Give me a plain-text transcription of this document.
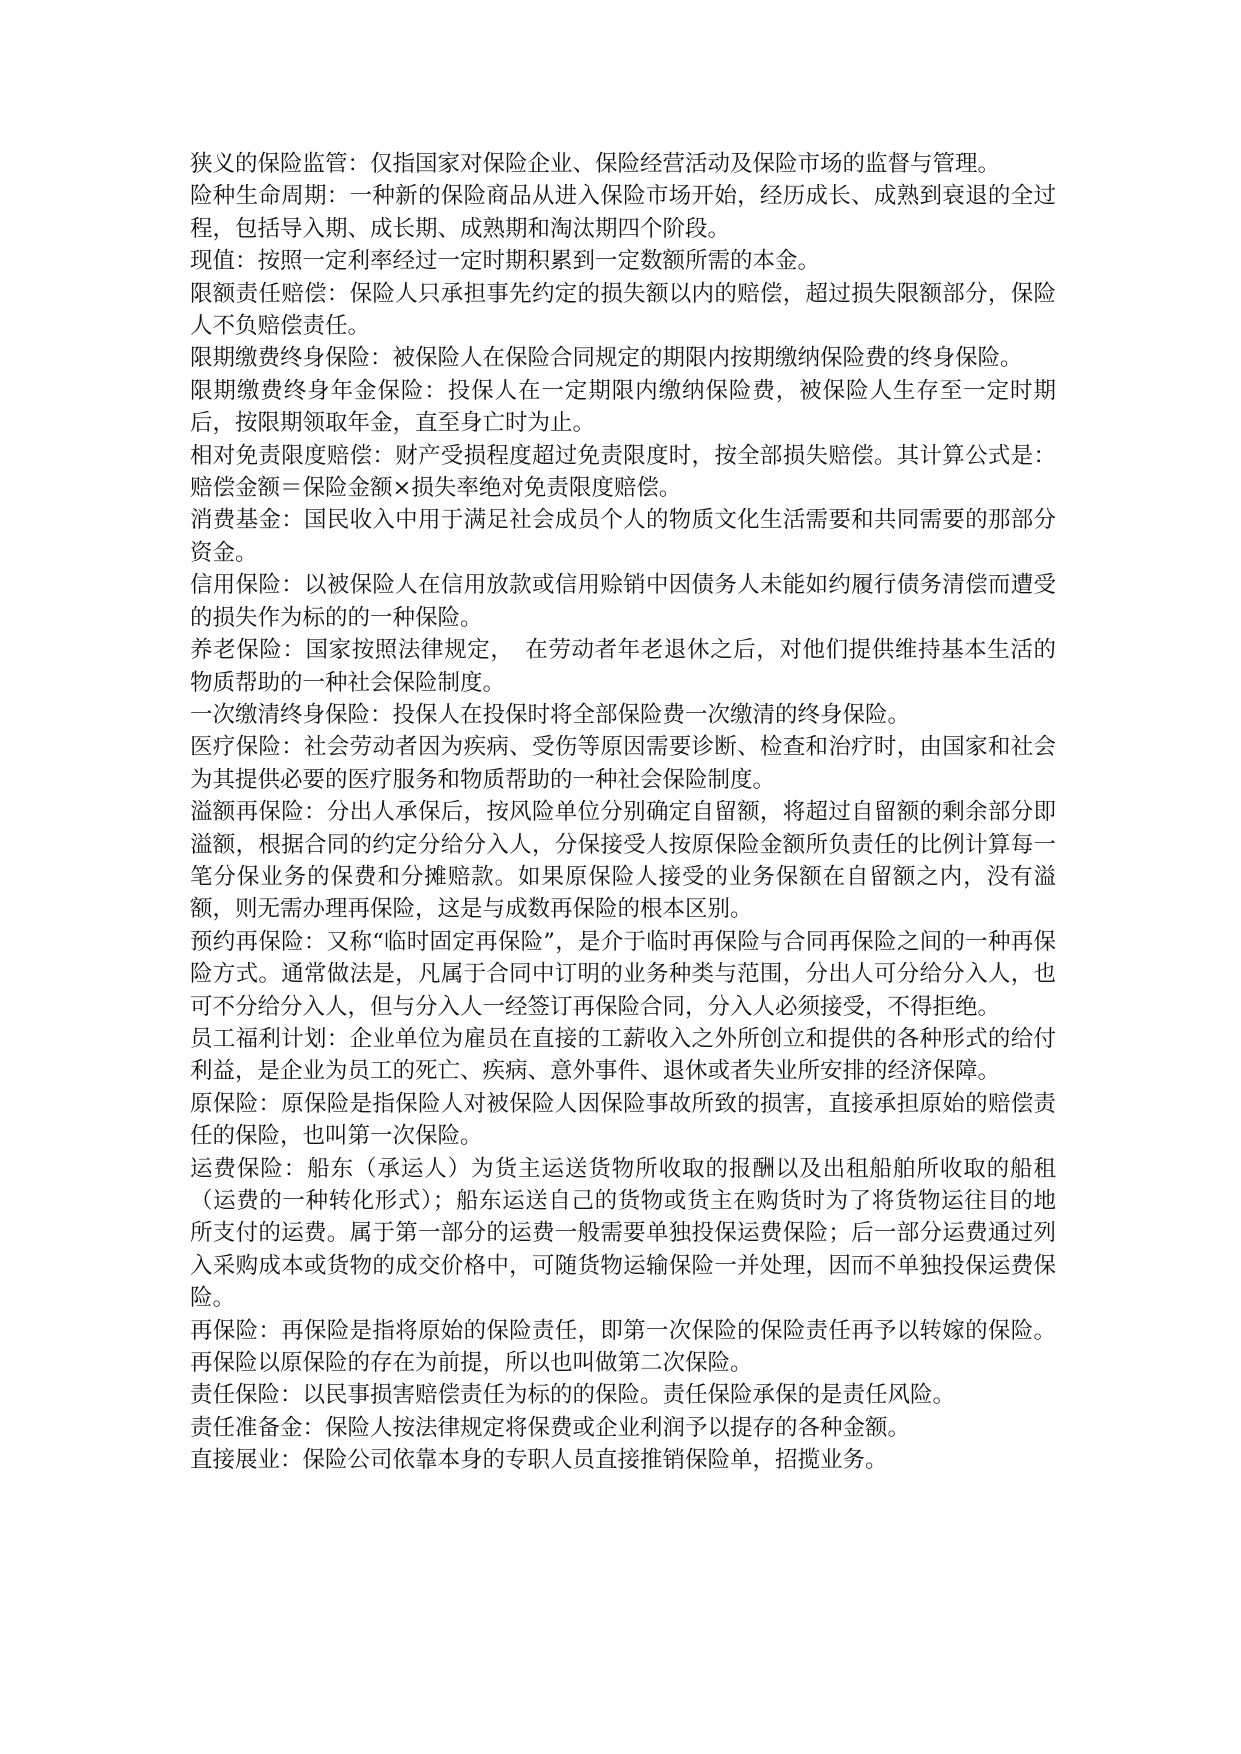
狭义的保险监管：仅指国家对保险企业、保险经营活动及保险市场的监督与管理。

险种生命周期：一种新的保险商品从进入保险市场开始，经历成长、成熟到衰退的全过程，包括导入期、成长期、成熟期和淘汰期四个阶段。

现值：按照一定利率经过一定时期积累到一定数额所需的本金。

限额责任赔偿：保险人只承担事先约定的损失额以内的赔偿，超过损失限额部分，保险人不负赔偿责任。

限期缴费终身保险：被保险人在保险合同规定的期限内按期缴纳保险费的终身保险。

限期缴费终身年金保险：投保人在一定期限内缴纳保险费，被保险人生存至一定时期后，按限期领取年金，直至身亡时为止。

相对免责限度赔偿：财产受损程度超过免责限度时，按全部损失赔偿。其计算公式是：赔偿金额＝保险金额×损失率绝对免责限度赔偿。

消费基金：国民收入中用于满足社会成员个人的物质文化生活需要和共同需要的那部分资金。

信用保险：以被保险人在信用放款或信用赊销中因债务人未能如约履行债务清偿而遭受的损失作为标的的一种保险。

养老保险：国家按照法律规定，　在劳动者年老退休之后，对他们提供维持基本生活的物质帮助的一种社会保险制度。

一次缴清终身保险：投保人在投保时将全部保险费一次缴清的终身保险。

医疗保险：社会劳动者因为疾病、受伤等原因需要诊断、检查和治疗时，由国家和社会为其提供必要的医疗服务和物质帮助的一种社会保险制度。

溢额再保险：分出人承保后，按风险单位分别确定自留额，将超过自留额的剩余部分即溢额，根据合同的约定分给分入人，分保接受人按原保险金额所负责任的比例计算每一笔分保业务的保费和分摊赔款。如果原保险人接受的业务保额在自留额之内，没有溢额，则无需办理再保险，这是与成数再保险的根本区别。

预约再保险：又称“临时固定再保险”，是介于临时再保险与合同再保险之间的一种再保险方式。通常做法是，凡属于合同中订明的业务种类与范围，分出人可分给分入人，也可不分给分入人，但与分入人一经签订再保险合同，分入人必须接受，不得拒绝。

员工福利计划：企业单位为雇员在直接的工薪收入之外所创立和提供的各种形式的给付利益，是企业为员工的死亡、疾病、意外事件、退休或者失业所安排的经济保障。

原保险：原保险是指保险人对被保险人因保险事故所致的损害，直接承担原始的赔偿责任的保险，也叫第一次保险。

运费保险：船东（承运人）为货主运送货物所收取的报酬以及出租船舶所收取的船租（运费的一种转化形式）；船东运送自己的货物或货主在购货时为了将货物运往目的地所支付的运费。属于第一部分的运费一般需要单独投保运费保险；后一部分运费通过列入采购成本或货物的成交价格中，可随货物运输保险一并处理，因而不单独投保运费保险。

再保险：再保险是指将原始的保险责任，即第一次保险的保险责任再予以转嫁的保险。再保险以原保险的存在为前提，所以也叫做第二次保险。

责任保险：以民事损害赔偿责任为标的的保险。责任保险承保的是责任风险。

责任准备金：保险人按法律规定将保费或企业利润予以提存的各种金额。

直接展业：保险公司依靠本身的专职人员直接推销保险单，招揽业务。
